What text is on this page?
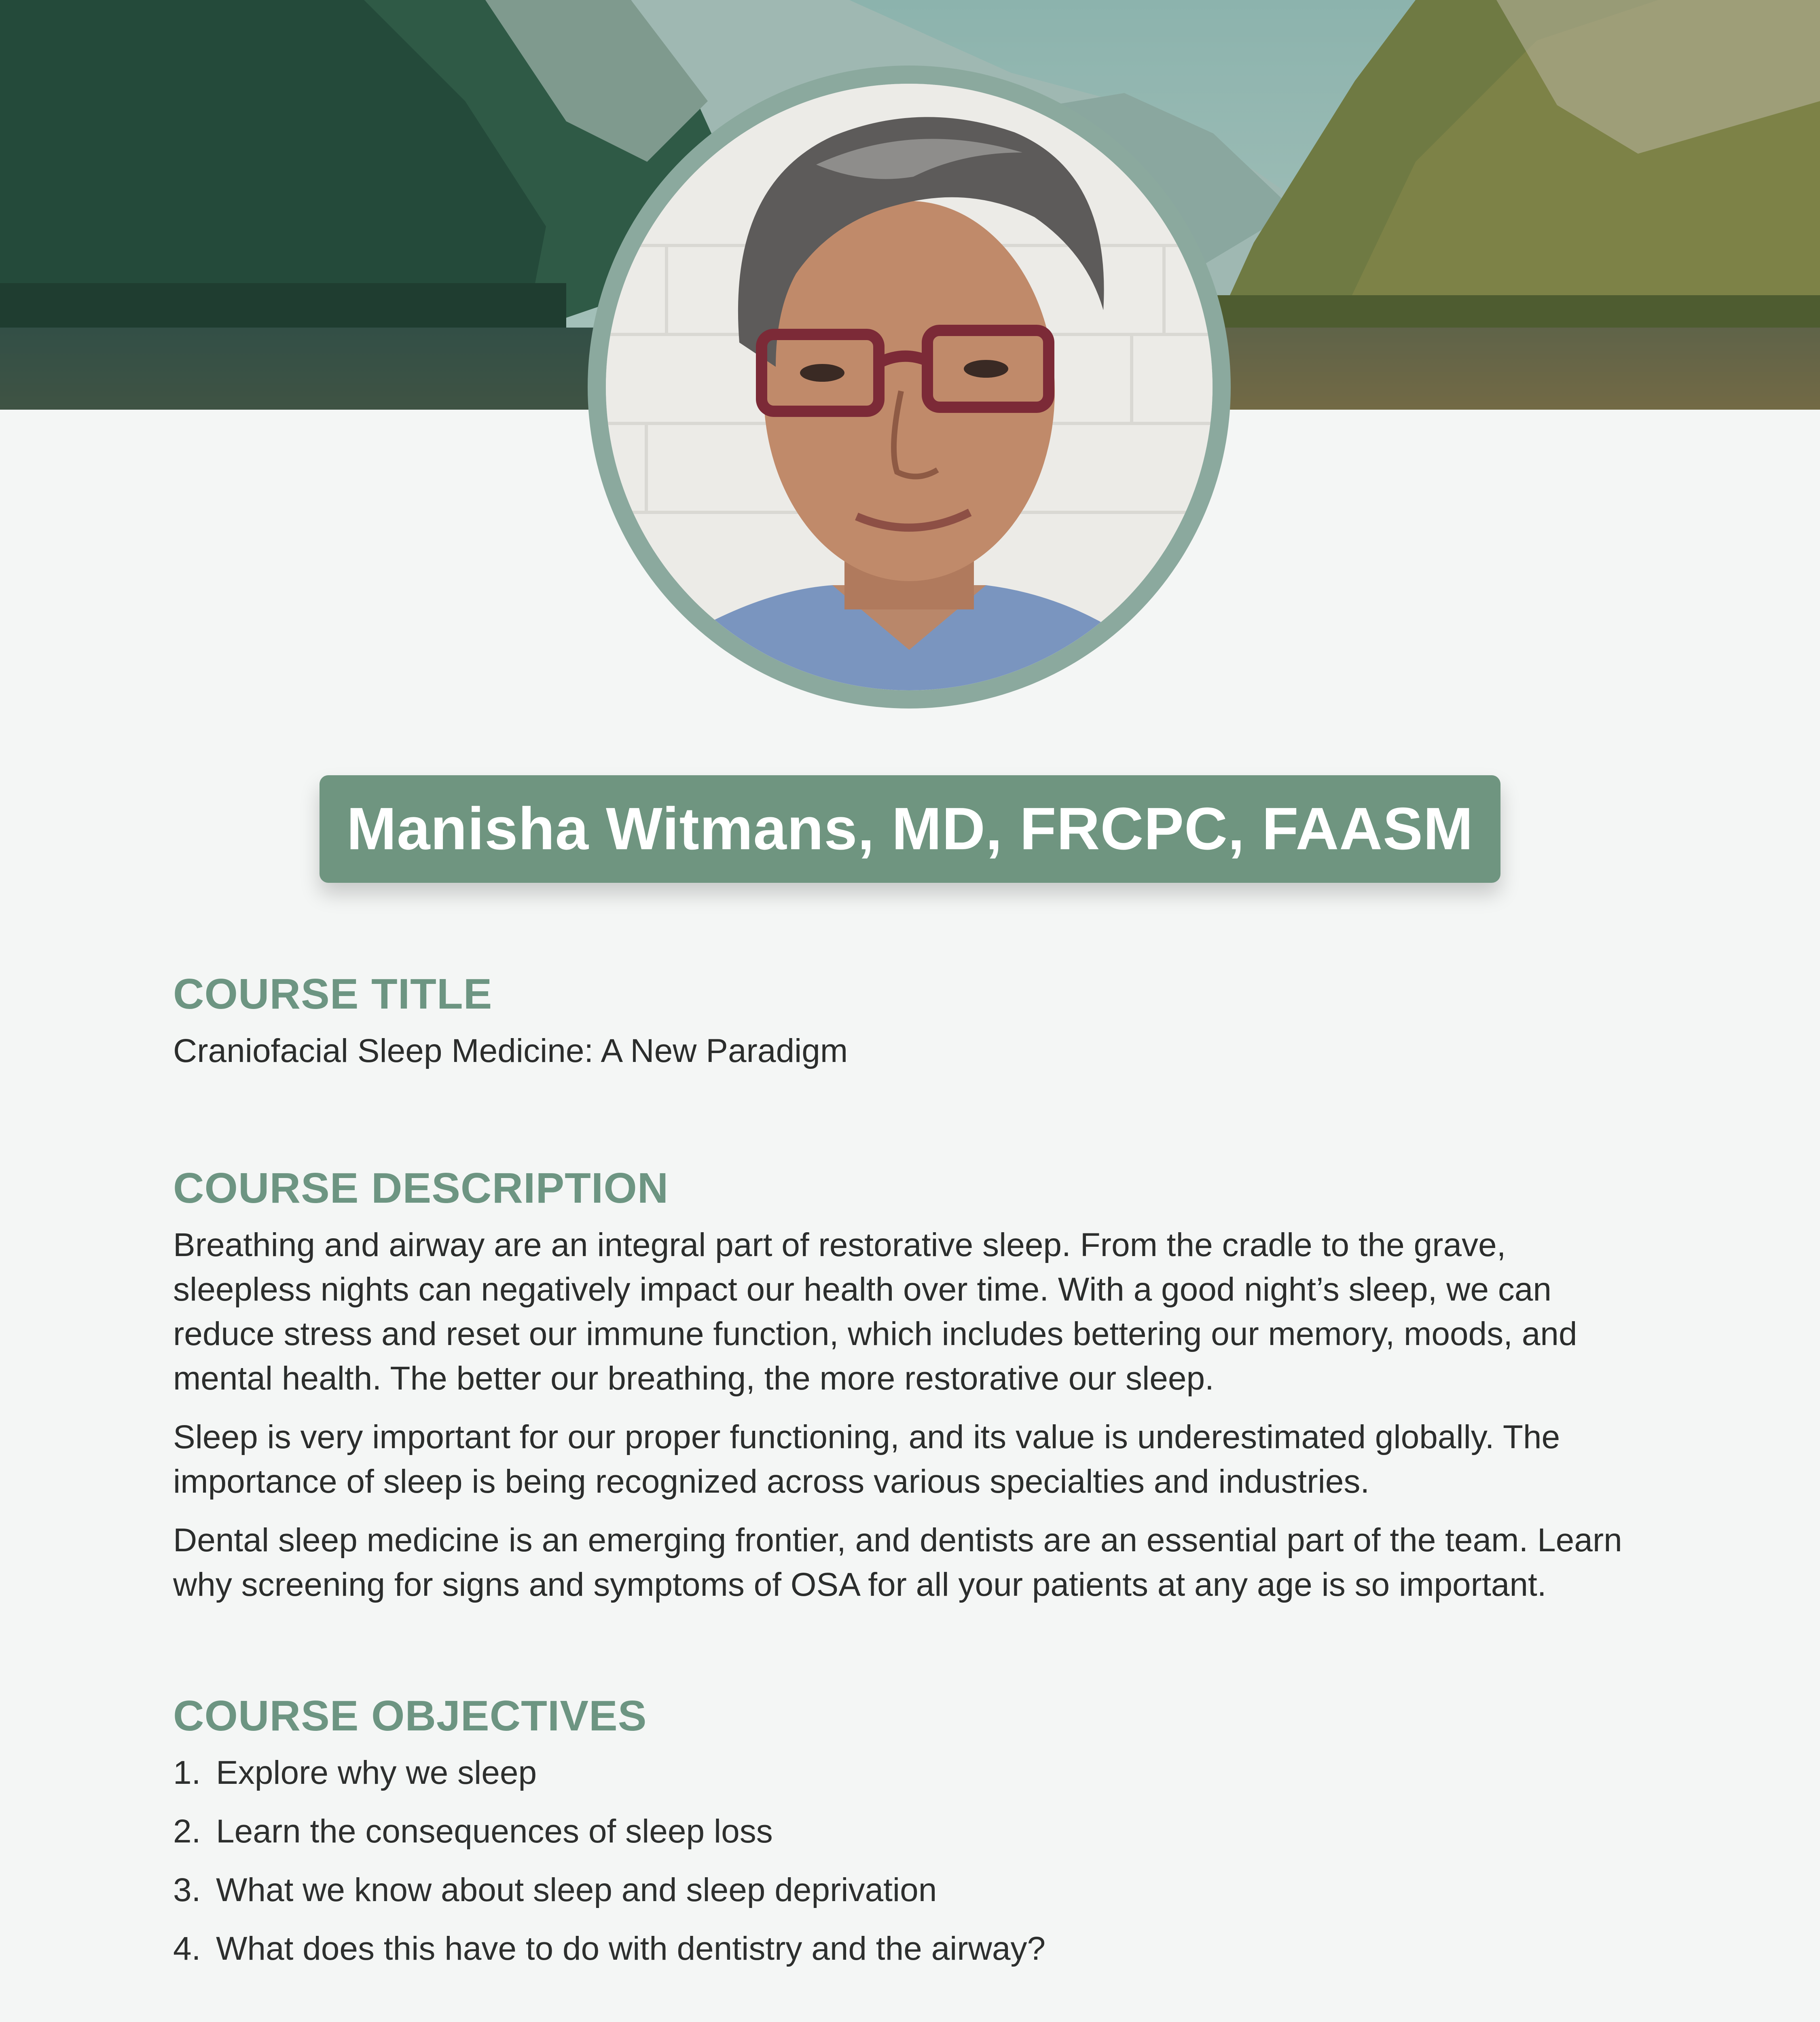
Manisha Witmans, MD, FRCPC, FAASM
COURSE TITLE

Craniofacial Sleep Medicine: A New Paradigm

COURSE DESCRIPTION

Breathing and airway are an integral part of restorative sleep. From the cradle to the grave, sleepless nights can negatively impact our health over time. With a good night’s sleep, we can reduce stress and reset our immune function, which includes bettering our memory, moods, and mental health. The better our breathing, the more restorative our sleep.

Sleep is very important for our proper functioning, and its value is underestimated globally. The importance of sleep is being recognized across various specialties and industries.

Dental sleep medicine is an emerging frontier, and dentists are an essential part of the team. Learn why screening for signs and symptoms of OSA for all your patients at any age is so important.

COURSE OBJECTIVES
1. Explore why we sleep
2. Learn the consequences of sleep loss
3. What we know about sleep and sleep deprivation
4. What does this have to do with dentistry and the airway?
